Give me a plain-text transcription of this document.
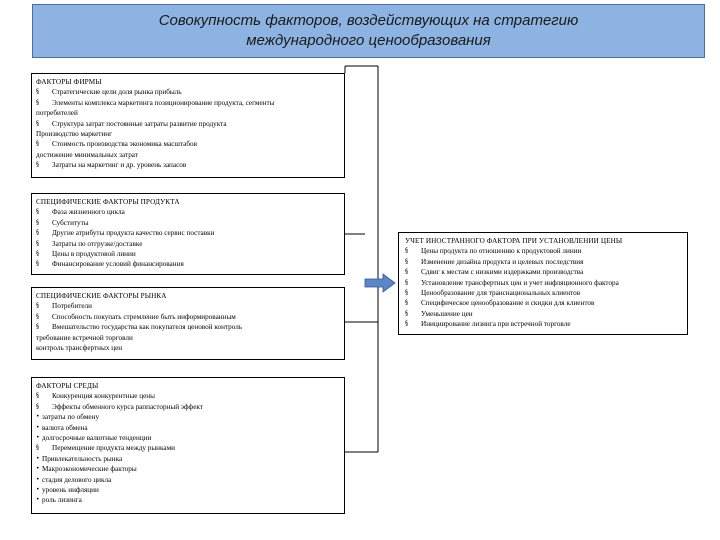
Совокупность факторов, воздействующих на стратегию
международного ценообразования
ФАКТОРЫ ФИРМЫ
§	Стратегические цели доля рынка прибыль
§	Элементы комплекса маркетинга позиционирование продукта, сегменты
потребителей
§	Структура затрат постоянные затраты развитие продукта
Производство маркетинг
§	Стоимость производства экономика масштабов
достижение минимальных затрат
§	Затраты на маркетинг и др. уровень запасов
СПЕЦИФИЧЕСКИЕ ФАКТОРЫ ПРОДУКТА
§	Фаза жизненного цикла
§	Субституты
§	Другие атрибуты продукта качество сервис поставки
§	Затраты по отгрузке/доставке
§	Цены в продуктовой линии
§	Финансирование условий финансирования
СПЕЦИФИЧЕСКИЕ ФАКТОРЫ РЫНКА
§	Потребители
§	Способность покупать стремление быть информированным
§	Вмешательство государства как покупателя ценовой контроль
требование встречной торговли
контроль трансфертных цен
ФАКТОРЫ СРЕДЫ
§	Конкуренция конкурентные цены
§	Эффекты обменного курса раппасторный эффект
• затраты по обмену
• валюта обмена
• долгосрочные валютные тенденции
§	Перемещение продукта между рынками
• Привлекательность рынка
• Макроэкономические факторы
• стадия делового цикла
• уровень инфляции
• роль лизинга
УЧЕТ ИНОСТРАННОГО ФАКТОРА ПРИ УСТАНОВЛЕНИИ ЦЕНЫ
§	Цены продукта по отношению к продуктовой линии
§	Изменение дизайна продукта и целевых последствия
§	Сдвиг к местам с низкими издержками производства
§	Установление трансфертных цен и учет инфляционного фактора
§	Ценообразование для транснациональных клиентов
§	Специфическое ценообразование и скидки для клиентов
§	Уменьшение цен
§	Инициирование лизинга при встречной торговле
